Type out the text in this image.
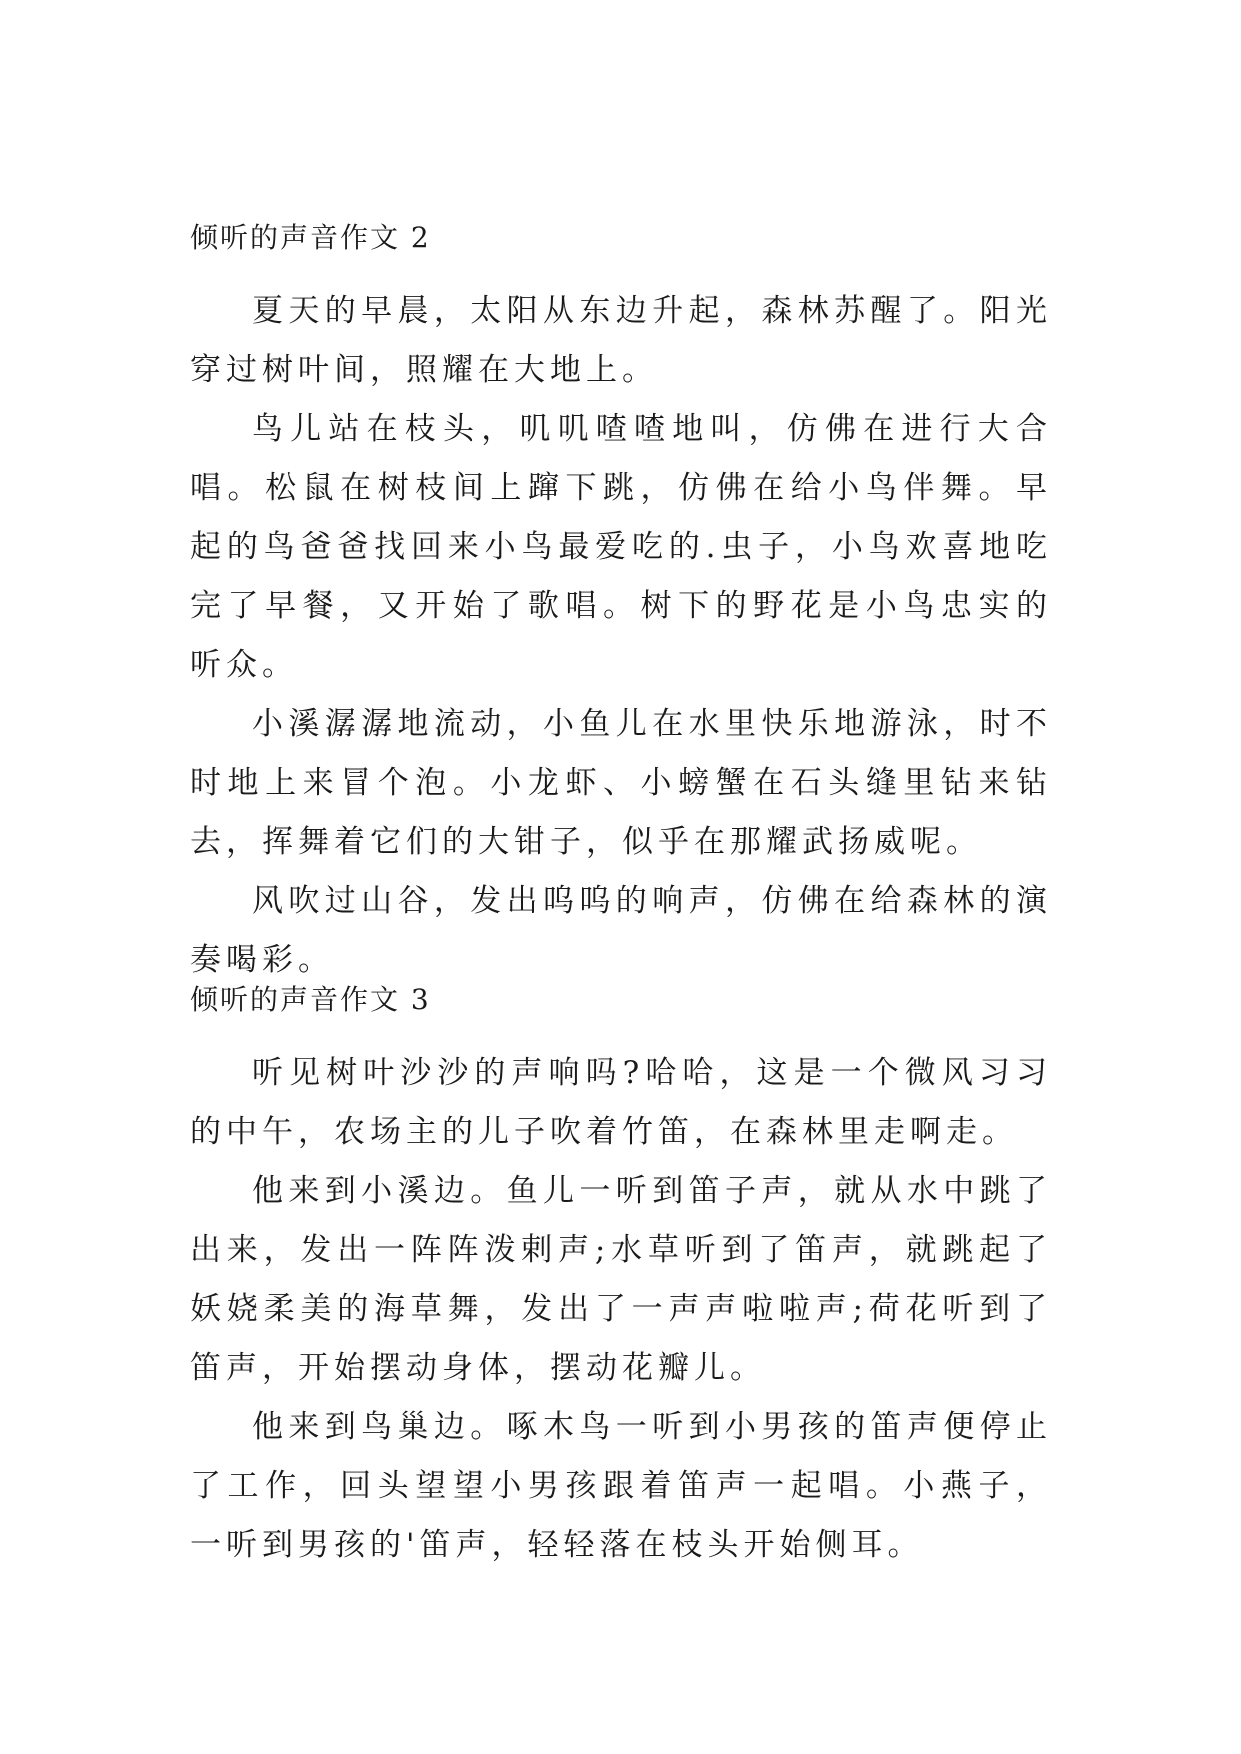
倾听的声音作文 2

夏天的早晨，太阳从东边升起，森林苏醒了。阳光穿过树叶间，照耀在大地上。

鸟儿站在枝头，叽叽喳喳地叫，仿佛在进行大合唱。松鼠在树枝间上蹿下跳，仿佛在给小鸟伴舞。早起的鸟爸爸找回来小鸟最爱吃的.虫子，小鸟欢喜地吃完了早餐，又开始了歌唱。树下的野花是小鸟忠实的听众。

小溪潺潺地流动，小鱼儿在水里快乐地游泳，时不时地上来冒个泡。小龙虾、小螃蟹在石头缝里钻来钻去，挥舞着它们的大钳子，似乎在那耀武扬威呢。

风吹过山谷，发出呜呜的响声，仿佛在给森林的演奏喝彩。

倾听的声音作文 3

听见树叶沙沙的声响吗?哈哈，这是一个微风习习的中午，农场主的儿子吹着竹笛，在森林里走啊走。

他来到小溪边。鱼儿一听到笛子声，就从水中跳了出来，发出一阵阵泼剌声;水草听到了笛声，就跳起了妖娆柔美的海草舞，发出了一声声啦啦声;荷花听到了笛声，开始摆动身体，摆动花瓣儿。

他来到鸟巢边。啄木鸟一听到小男孩的笛声便停止了工作，回头望望小男孩跟着笛声一起唱。小燕子，一听到男孩的'笛声，轻轻落在枝头开始侧耳。
